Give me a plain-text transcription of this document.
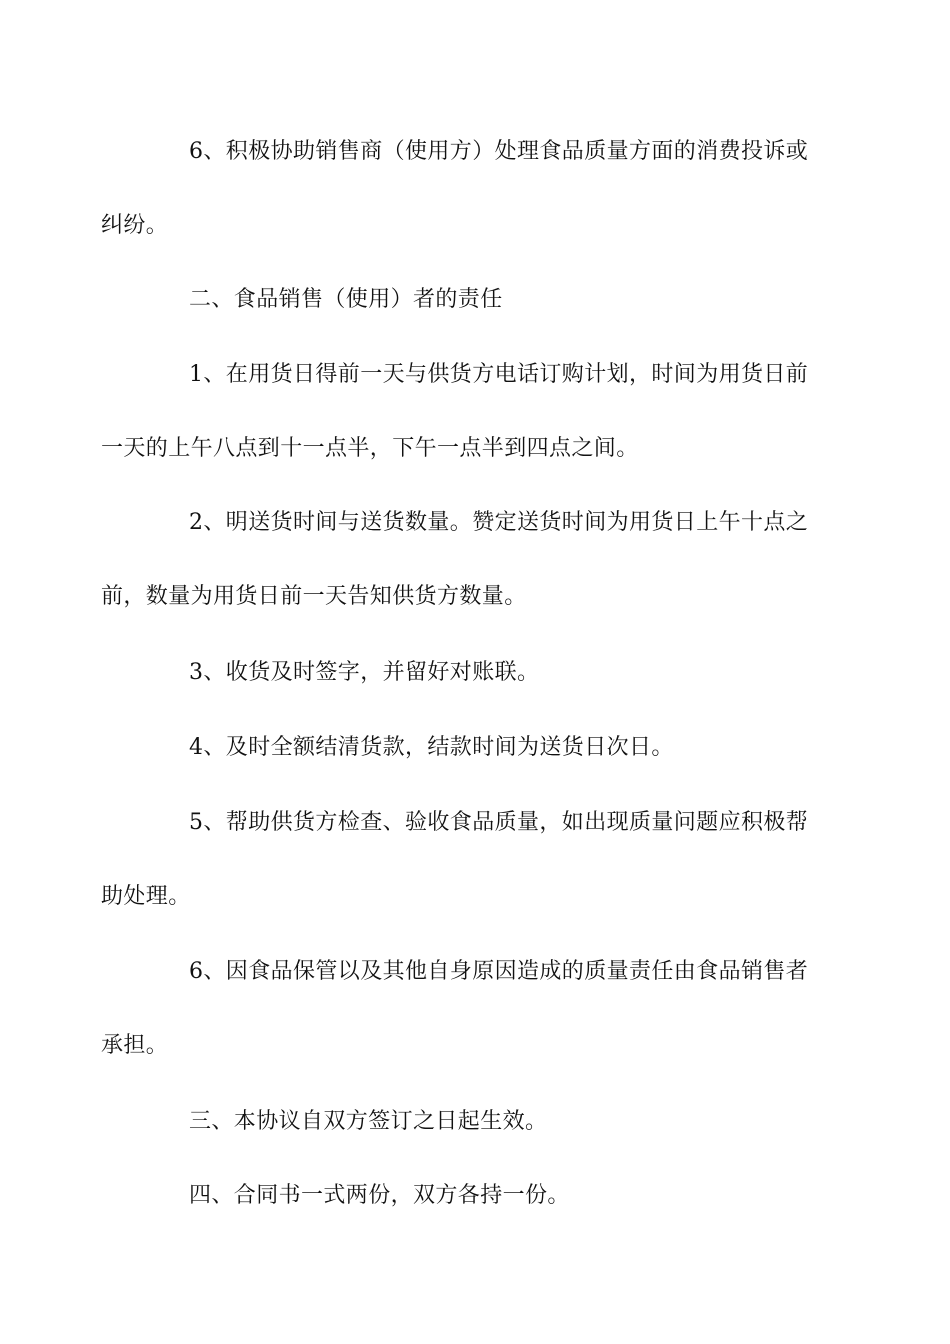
6、积极协助销售商（使用方）处理食品质量方面的消费投诉或
纠纷。

二、食品销售（使用）者的责任

1、在用货日得前一天与供货方电话订购计划，时间为用货日前
一天的上午八点到十一点半，下午一点半到四点之间。

2、明送货时间与送货数量。赞定送货时间为用货日上午十点之
前，数量为用货日前一天告知供货方数量。

3、收货及时签字，并留好对账联。

4、及时全额结清货款，结款时间为送货日次日。

5、帮助供货方检查、验收食品质量，如出现质量问题应积极帮
助处理。

6、因食品保管以及其他自身原因造成的质量责任由食品销售者
承担。

三、本协议自双方签订之日起生效。

四、合同书一式两份，双方各持一份。
